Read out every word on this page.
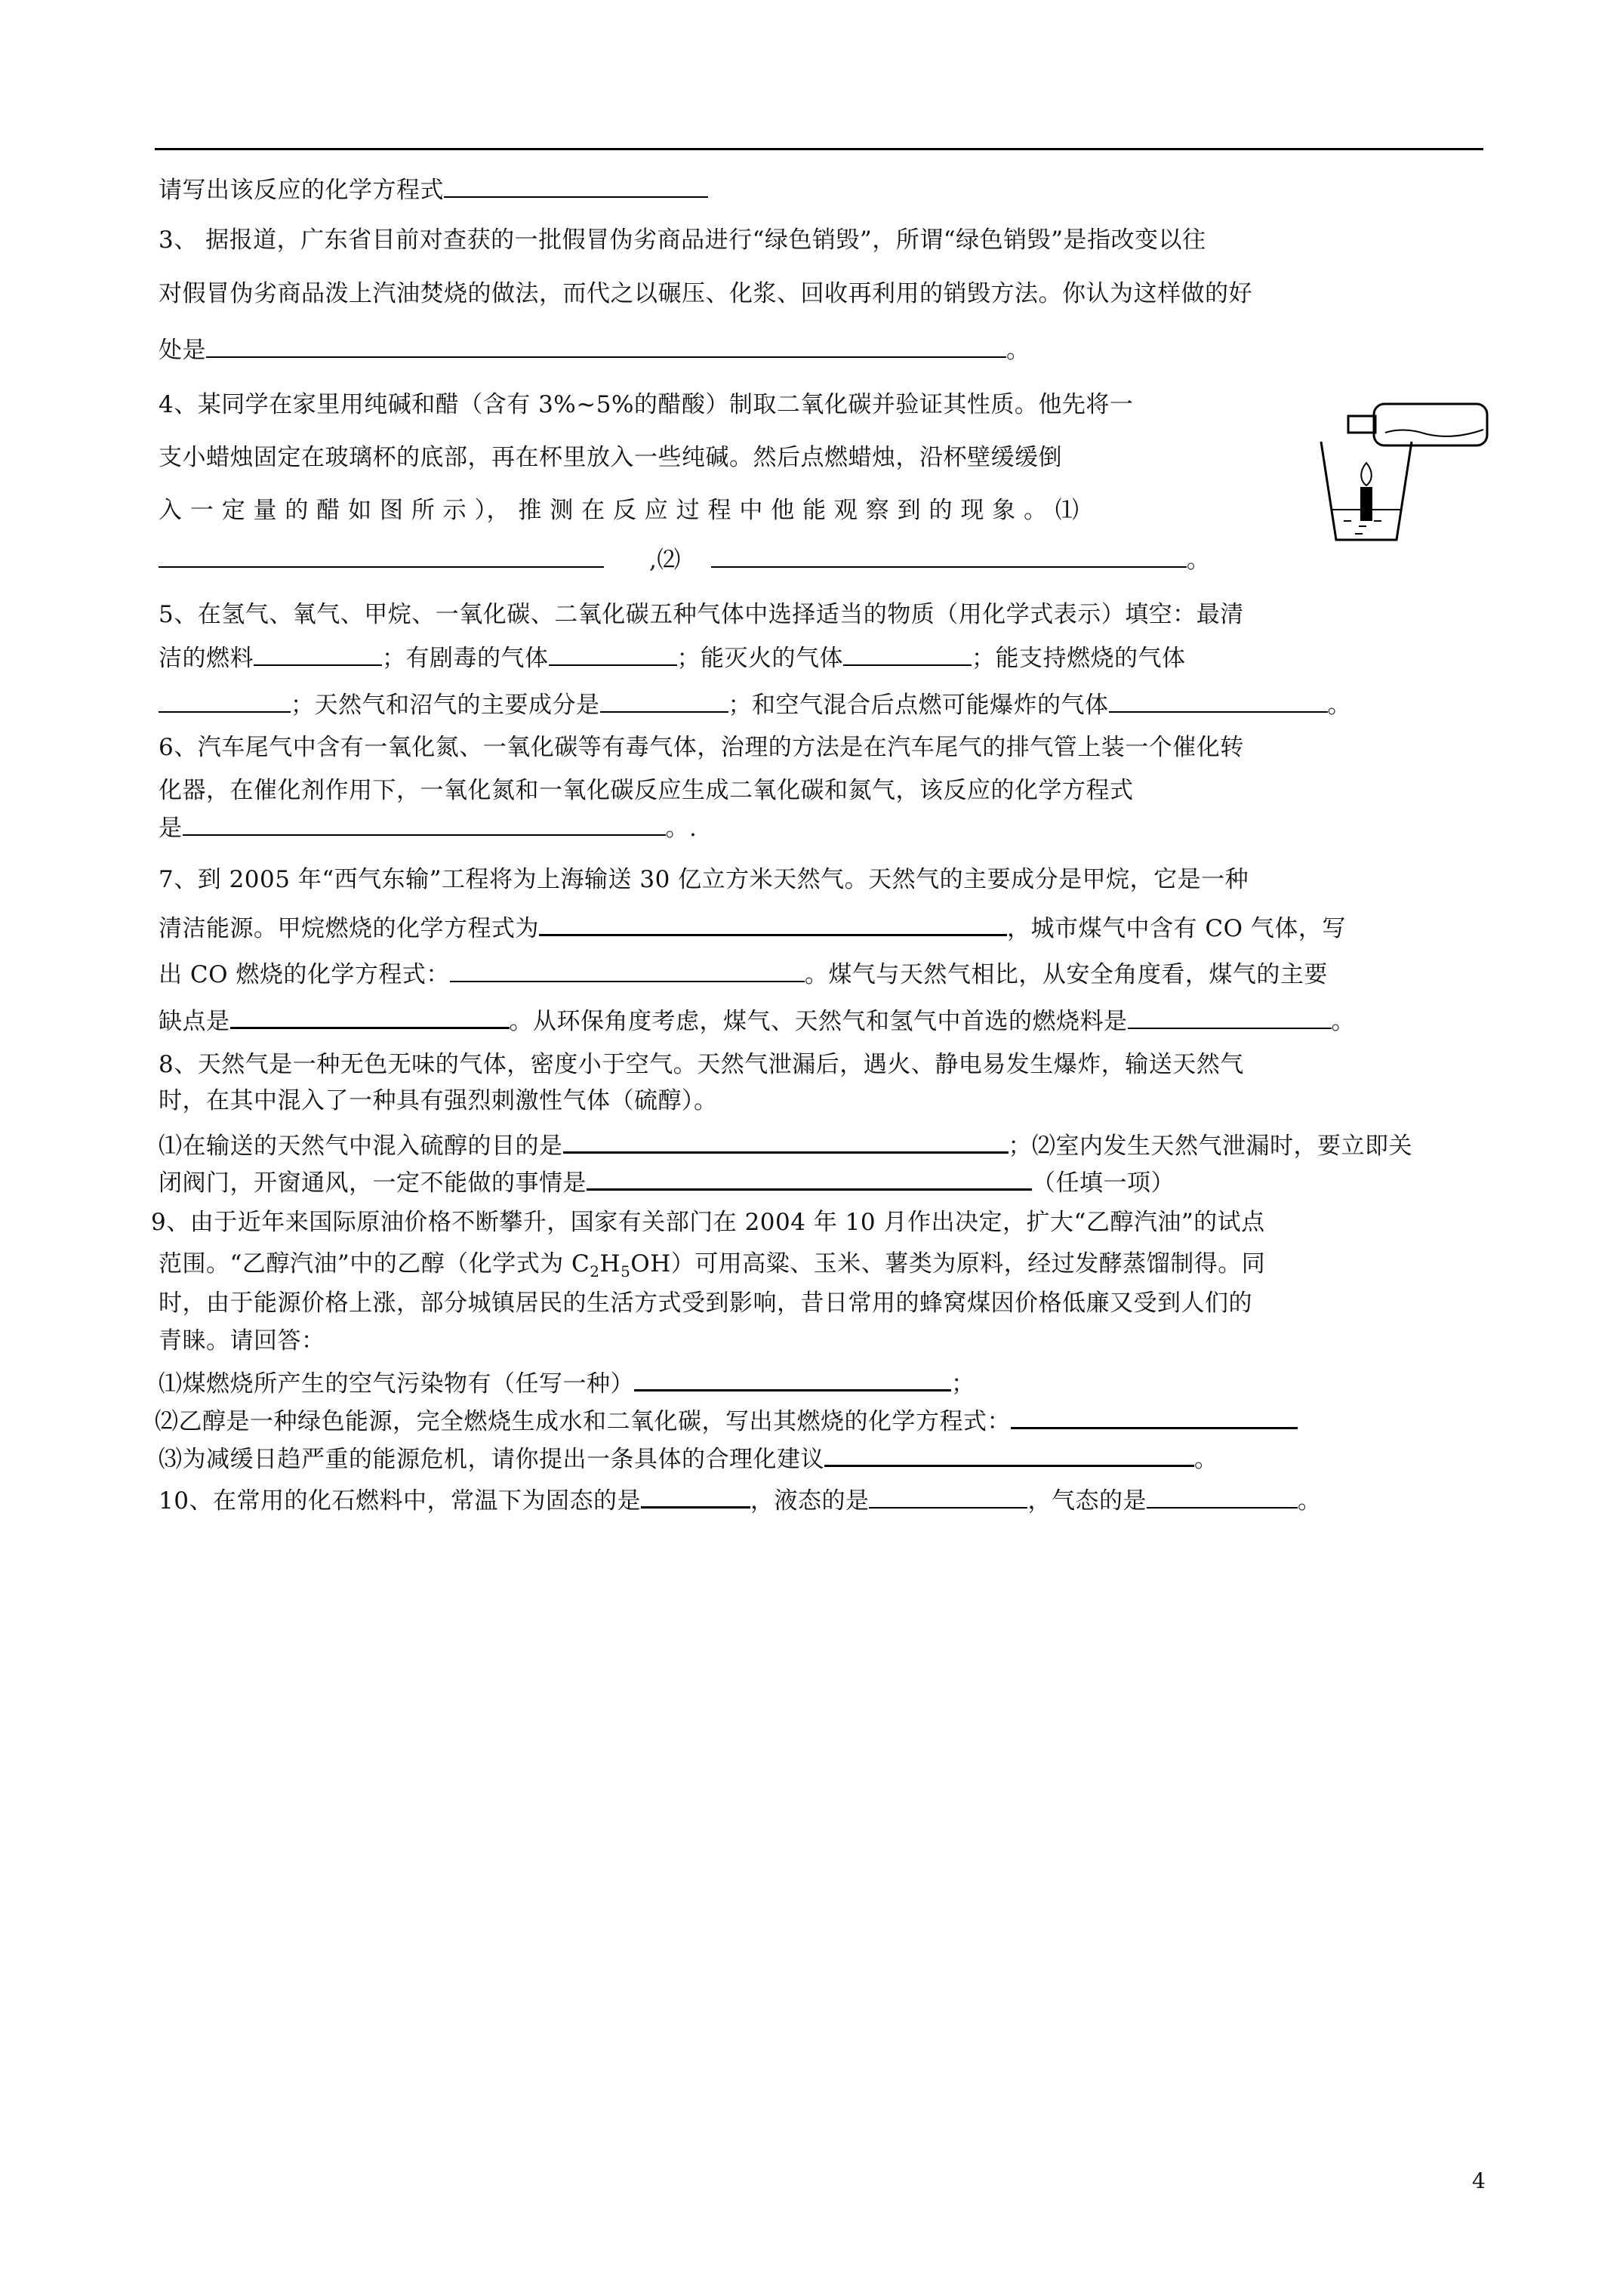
请写出该反应的化学方程式
3、 据报道，广东省目前对查获的一批假冒伪劣商品进行“绿色销毁”，所谓“绿色销毁”是指改变以往
对假冒伪劣商品泼上汽油焚烧的做法，而代之以碾压、化浆、回收再利用的销毁方法。你认为这样做的好
处是	。
4、某同学在家里用纯碱和醋（含有 3%~5%的醋酸）制取二氧化碳并验证其性质。他先将一
支小蜡烛固定在玻璃杯的底部，再在杯里放入一些纯碱。然后点燃蜡烛，沿杯壁缓缓倒
入 一 定 量 的 醋 如 图 所 示 ）， 推 测 在 反 应 过 程 中 他 能 观 察 到 的 现 象 。 ⑴
,⑵	。
5、在氢气、氧气、甲烷、一氧化碳、二氧化碳五种气体中选择适当的物质（用化学式表示）填空：最清
洁的燃料	；有剧毒的气体	；能灭火的气体	；能支持燃烧的气体
；天然气和沼气的主要成分是	；和空气混合后点燃可能爆炸的气体	。
6、汽车尾气中含有一氧化氮、一氧化碳等有毒气体，治理的方法是在汽车尾气的排气管上装一个催化转
化器，在催化剂作用下，一氧化氮和一氧化碳反应生成二氧化碳和氮气，该反应的化学方程式
是	。.
7、到 2005 年“西气东输”工程将为上海输送 30 亿立方米天然气。天然气的主要成分是甲烷，它是一种
清洁能源。甲烷燃烧的化学方程式为	，城市煤气中含有 CO 气体，写
出 CO 燃烧的化学方程式：	。煤气与天然气相比，从安全角度看，煤气的主要
缺点是	。从环保角度考虑，煤气、天然气和氢气中首选的燃烧料是	。
8、天然气是一种无色无味的气体，密度小于空气。天然气泄漏后，遇火、静电易发生爆炸，输送天然气
时，在其中混入了一种具有强烈刺激性气体（硫醇）。
⑴在输送的天然气中混入硫醇的目的是	；⑵室内发生天然气泄漏时，要立即关
闭阀门，开窗通风，一定不能做的事情是	（任填一项）
9、由于近年来国际原油价格不断攀升，国家有关部门在 2004 年 10 月作出决定，扩大“乙醇汽油”的试点
范围。“乙醇汽油”中的乙醇（化学式为 $C_2H_5OH$）可用高粱、玉米、薯类为原料，经过发酵蒸馏制得。同
时，由于能源价格上涨，部分城镇居民的生活方式受到影响，昔日常用的蜂窝煤因价格低廉又受到人们的
青睐。请回答：
⑴煤燃烧所产生的空气污染物有（任写一种）	；
⑵乙醇是一种绿色能源，完全燃烧生成水和二氧化碳，写出其燃烧的化学方程式：
⑶为减缓日趋严重的能源危机，请你提出一条具体的合理化建议	。
10、在常用的化石燃料中，常温下为固态的是	，液态的是	，气态的是	。
4
